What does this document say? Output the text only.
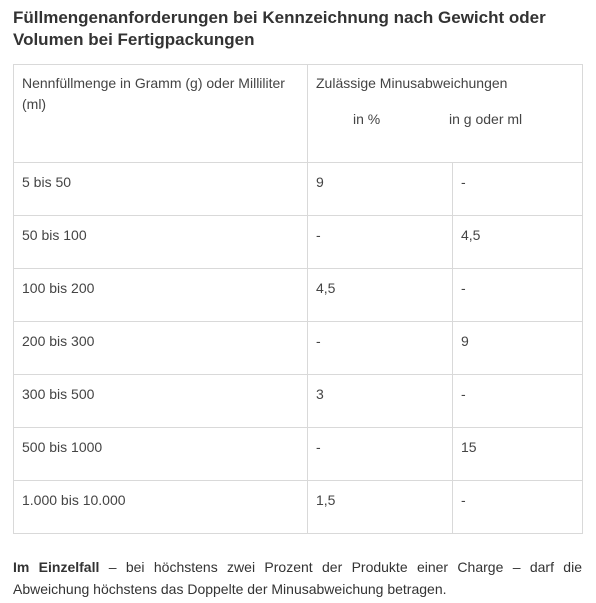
Füllmengenanforderungen bei Kennzeichnung nach Gewicht oder Volumen bei Fertigpackungen
Nennfüllmenge in Gramm (g) oder Milliliter (ml)	Zulässige Minusabweichungen
in % in g oder ml	

5 bis 50	9	-

50 bis 100	-	4,5

100 bis 200	4,5	-

200 bis 300	-	9

300 bis 500	3	-

500 bis 1000	-	15

1.000 bis 10.000	1,5	-

Im Einzelfall – bei höchstens zwei Prozent der Produkte einer Charge – darf die Abweichung höchstens das Doppelte der Minusabweichung betragen.
